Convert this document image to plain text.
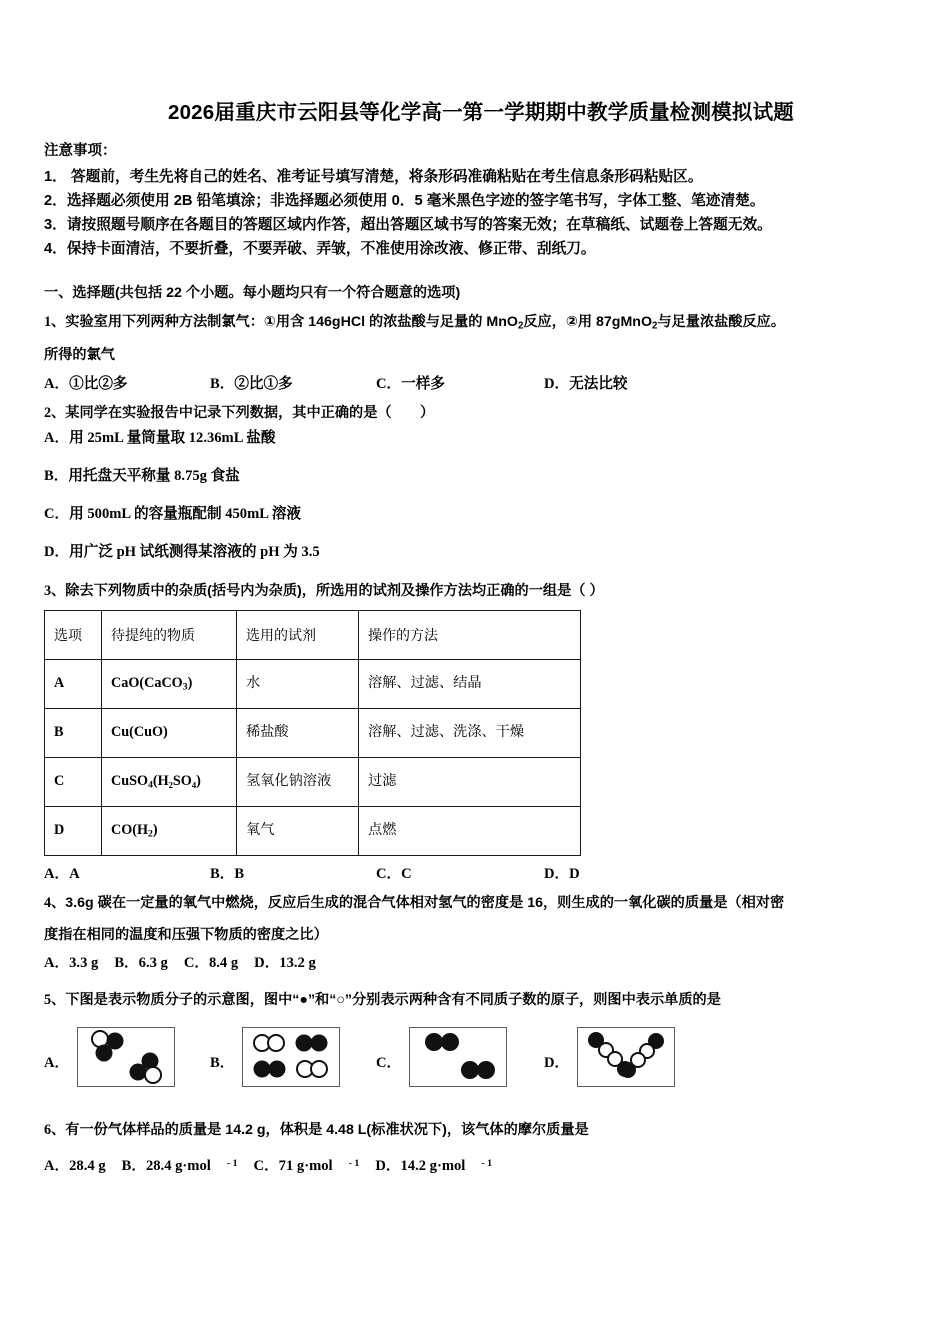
2026届重庆市云阳县等化学高一第一学期期中教学质量检测模拟试题

注意事项：

1． 答题前，考生先将自己的姓名、准考证号填写清楚，将条形码准确粘贴在考生信息条形码粘贴区。

2．选择题必须使用 2B 铅笔填涂；非选择题必须使用 0．5 毫米黑色字迹的签字笔书写，字体工整、笔迹清楚。

3．请按照题号顺序在各题目的答题区域内作答，超出答题区域书写的答案无效；在草稿纸、试题卷上答题无效。

4．保持卡面清洁，不要折叠，不要弄破、弄皱，不准使用涂改液、修正带、刮纸刀。

一、选择题(共包括 22 个小题。每小题均只有一个符合题意的选项)

1、实验室用下列两种方法制氯气：①用含 146gHCl 的浓盐酸与足量的 MnO$_2$反应，②用 87gMnO$_2$与足量浓盐酸反应。

所得的氯气

A．①比②多	B．②比①多	C．一样多	D．无法比较

2、某同学在实验报告中记录下列数据，其中正确的是（　　）

A．用 25mL 量筒量取 12.36mL 盐酸

B．用托盘天平称量 8.75g 食盐

C．用 500mL 的容量瓶配制 450mL 溶液

D．用广泛 pH 试纸测得某溶液的 pH 为 3.5

3、除去下列物质中的杂质(括号内为杂质)，所选用的试剂及操作方法均正确的一组是（ ）

选项	待提纯的物质	选用的试剂	操作的方法
A	CaO(CaCO$_3$)	水	溶解、过滤、结晶
B	Cu(CuO)	稀盐酸	溶解、过滤、洗涤、干燥
C	CuSO$_4$(H₂SO₄)	氢氧化钠溶液	过滤
D	$CO(H_2)$	氧气	点燃
A．A	B．B	C．C	D．D

4、3.6g 碳在一定量的氧气中燃烧，反应后生成的混合气体相对氢气的密度是 16，则生成的一氧化碳的质量是（相对密

度指在相同的温度和压强下物质的密度之比）

A．3.3 g B．6.3 g C．8.4 g D．13.2 g

5、下图是表示物质分子的示意图，图中“●”和“○”分别表示两种含有不同质子数的原子，则图中表示单质的是

A．	B．	C．	D．

6、有一份气体样品的质量是 14.2 g，体积是 4.48 L(标准状况下)，该气体的摩尔质量是

A．28.4 g B．28.4 g·mol $^{- 1}$ C．71 g·mol $^{- 1}$ D．14.2 g·mol $^{- 1}$
